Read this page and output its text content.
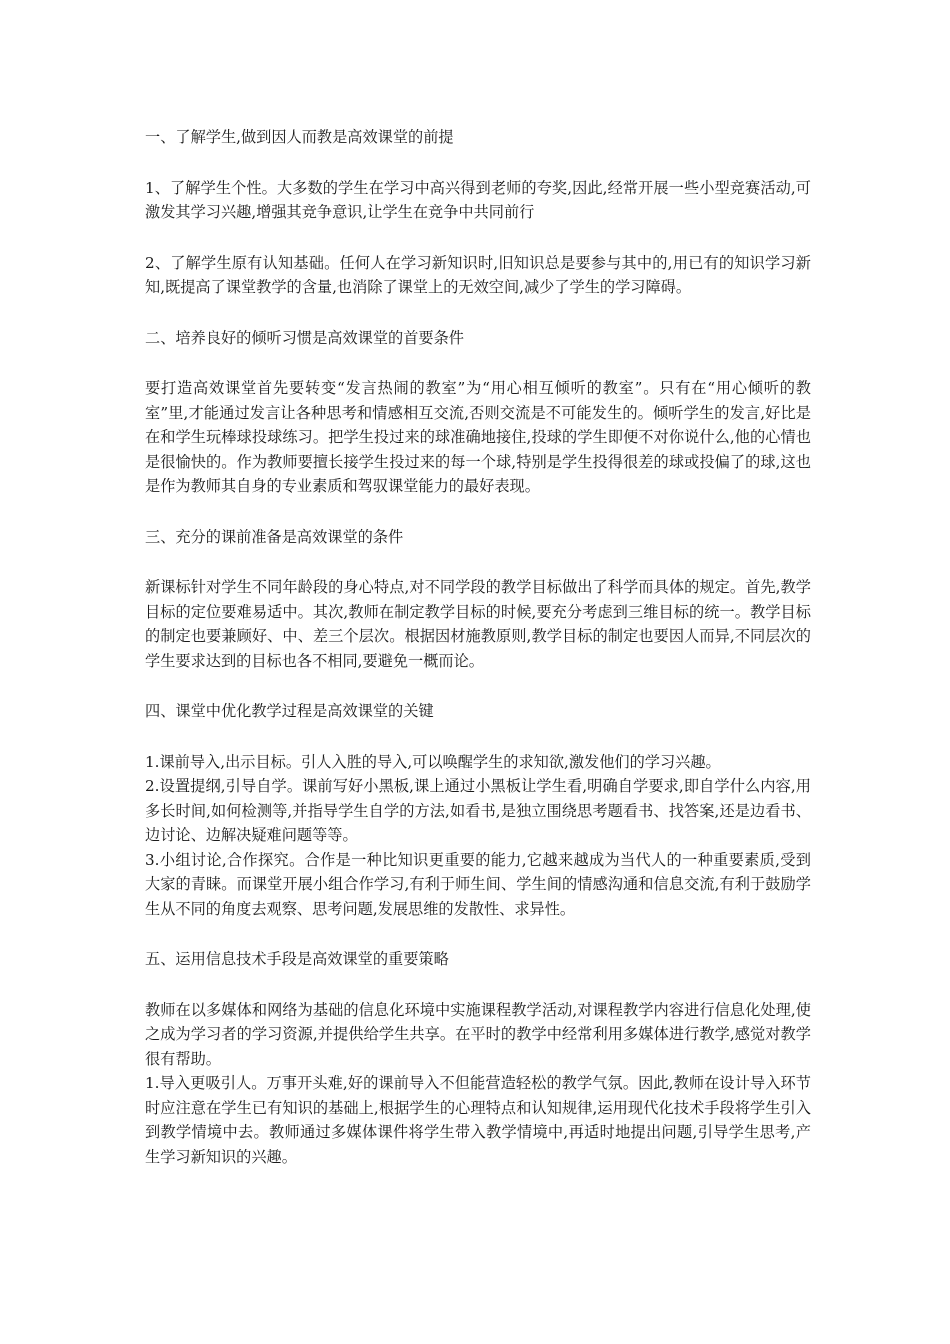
一、了解学生,做到因人而教是高效课堂的前提

1、了解学生个性。大多数的学生在学习中高兴得到老师的夸奖,因此,经常开展一些小型竞赛活动,可激发其学习兴趣,增强其竞争意识,让学生在竞争中共同前行

2、了解学生原有认知基础。任何人在学习新知识时,旧知识总是要参与其中的,用已有的知识学习新知,既提高了课堂教学的含量,也消除了课堂上的无效空间,减少了学生的学习障碍。

二、培养良好的倾听习惯是高效课堂的首要条件

要打造高效课堂首先要转变“发言热闹的教室”为“用心相互倾听的教室”。只有在“用心倾听的教室”里,才能通过发言让各种思考和情感相互交流,否则交流是不可能发生的。倾听学生的发言,好比是在和学生玩棒球投球练习。把学生投过来的球准确地接住,投球的学生即便不对你说什么,他的心情也是很愉快的。作为教师要擅长接学生投过来的每一个球,特别是学生投得很差的球或投偏了的球,这也是作为教师其自身的专业素质和驾驭课堂能力的最好表现。

三、充分的课前准备是高效课堂的条件

新课标针对学生不同年龄段的身心特点,对不同学段的教学目标做出了科学而具体的规定。首先,教学目标的定位要难易适中。其次,教师在制定教学目标的时候,要充分考虑到三维目标的统一。教学目标的制定也要兼顾好、中、差三个层次。根据因材施教原则,教学目标的制定也要因人而异,不同层次的学生要求达到的目标也各不相同,要避免一概而论。

四、课堂中优化教学过程是高效课堂的关键

1.课前导入,出示目标。引人入胜的导入,可以唤醒学生的求知欲,激发他们的学习兴趣。

2.设置提纲,引导自学。课前写好小黑板,课上通过小黑板让学生看,明确自学要求,即自学什么内容,用多长时间,如何检测等,并指导学生自学的方法,如看书,是独立围绕思考题看书、找答案,还是边看书、边讨论、边解决疑难问题等等。

3.小组讨论,合作探究。合作是一种比知识更重要的能力,它越来越成为当代人的一种重要素质,受到大家的青睐。而课堂开展小组合作学习,有利于师生间、学生间的情感沟通和信息交流,有利于鼓励学生从不同的角度去观察、思考问题,发展思维的发散性、求异性。

五、运用信息技术手段是高效课堂的重要策略

教师在以多媒体和网络为基础的信息化环境中实施课程教学活动,对课程教学内容进行信息化处理,使之成为学习者的学习资源,并提供给学生共享。在平时的教学中经常利用多媒体进行教学,感觉对教学很有帮助。

1.导入更吸引人。万事开头难,好的课前导入不但能营造轻松的教学气氛。因此,教师在设计导入环节时应注意在学生已有知识的基础上,根据学生的心理特点和认知规律,运用现代化技术手段将学生引入到教学情境中去。教师通过多媒体课件将学生带入教学情境中,再适时地提出问题,引导学生思考,产生学习新知识的兴趣。
